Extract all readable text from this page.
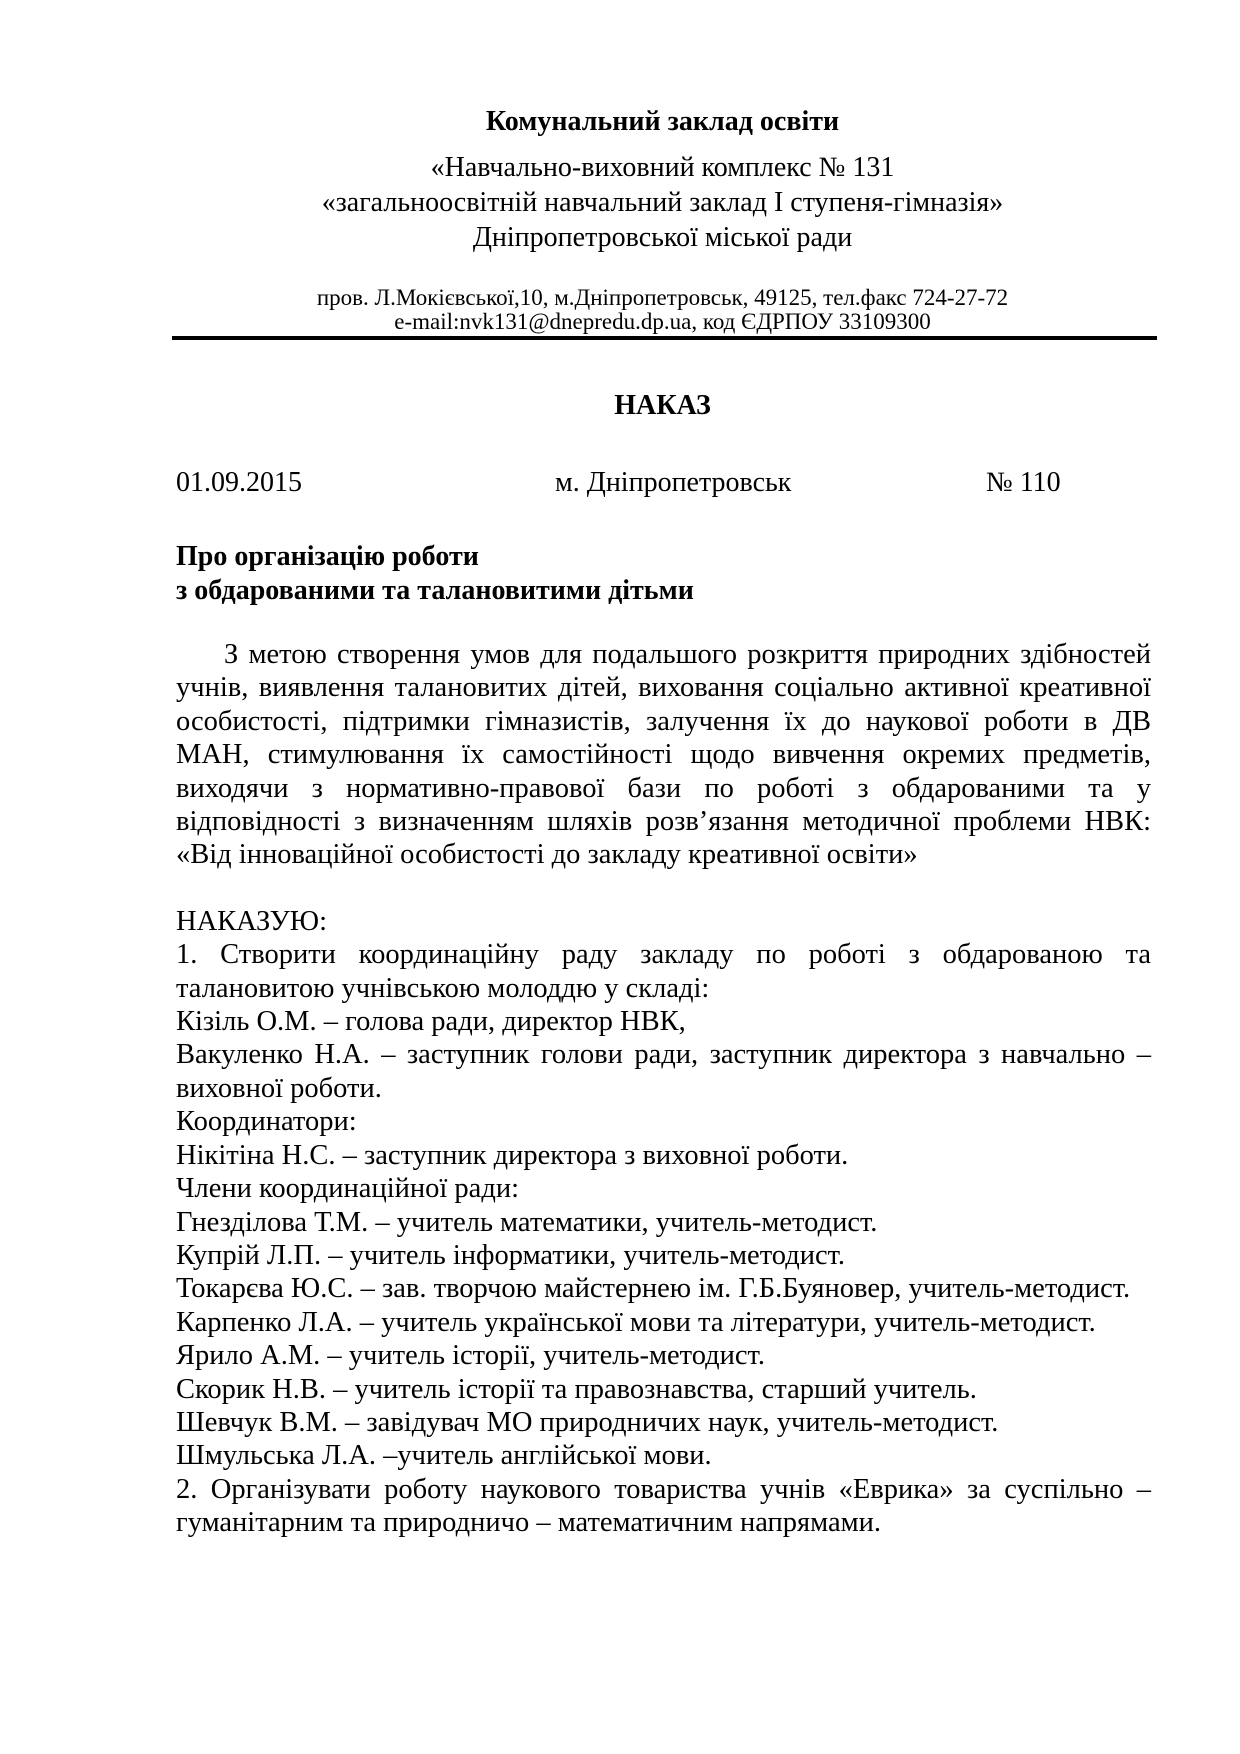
Комунальний заклад освіти
«Навчально-виховний комплекс № 131
«загальноосвітній навчальний заклад І ступеня-гімназія»
Дніпропетровської міської ради
пров. Л.Мокієвської,10, м.Дніпропетровськ, 49125, тел.факс 724-27-72
e-mail:nvk131@dnepredu.dp.ua, код ЄДРПОУ 33109300
НАКАЗ
01.09.2015	м. Дніпропетровськ	№ 110
Про організацію роботи
з обдарованими та талановитими дітьми

З метою створення умов для подальшого розкриття природних здібностей учнів, виявлення талановитих дітей, виховання соціально активної креативної особистості, підтримки гімназистів, залучення їх до наукової роботи в ДВ МАН, стимулювання їх самостійності щодо вивчення окремих предметів, виходячи з нормативно-правової бази по роботі з обдарованими та у відповідності з визначенням шляхів розв’язання методичної проблеми НВК: «Від інноваційної особистості до закладу креативної освіти»

НАКАЗУЮ:

1. Створити координаційну раду закладу по роботі з обдарованою та талановитою учнівською молоддю у складі:

Кізіль О.М. – голова ради, директор НВК,

Вакуленко Н.А. – заступник голови ради, заступник директора з навчально – виховної роботи.

Координатори:

Нікітіна Н.С. – заступник директора з виховної роботи.

Члени координаційної ради:

Гнезділова Т.М. – учитель математики, учитель-методист.

Купрій Л.П. – учитель інформатики, учитель-методист.

Токарєва Ю.С. – зав. творчою майстернею ім. Г.Б.Буяновер, учитель-методист.

Карпенко Л.А. – учитель української мови та літератури, учитель-методист.

Ярило А.М. – учитель історії, учитель-методист.

Скорик Н.В. – учитель історії та правознавства, старший учитель.

Шевчук В.М. – завідувач МО природничих наук, учитель-методист.

Шмульська Л.А. –учитель англійської мови.

2. Організувати роботу наукового товариства учнів «Еврика» за суспільно – гуманітарним та природничо – математичним напрямами.
